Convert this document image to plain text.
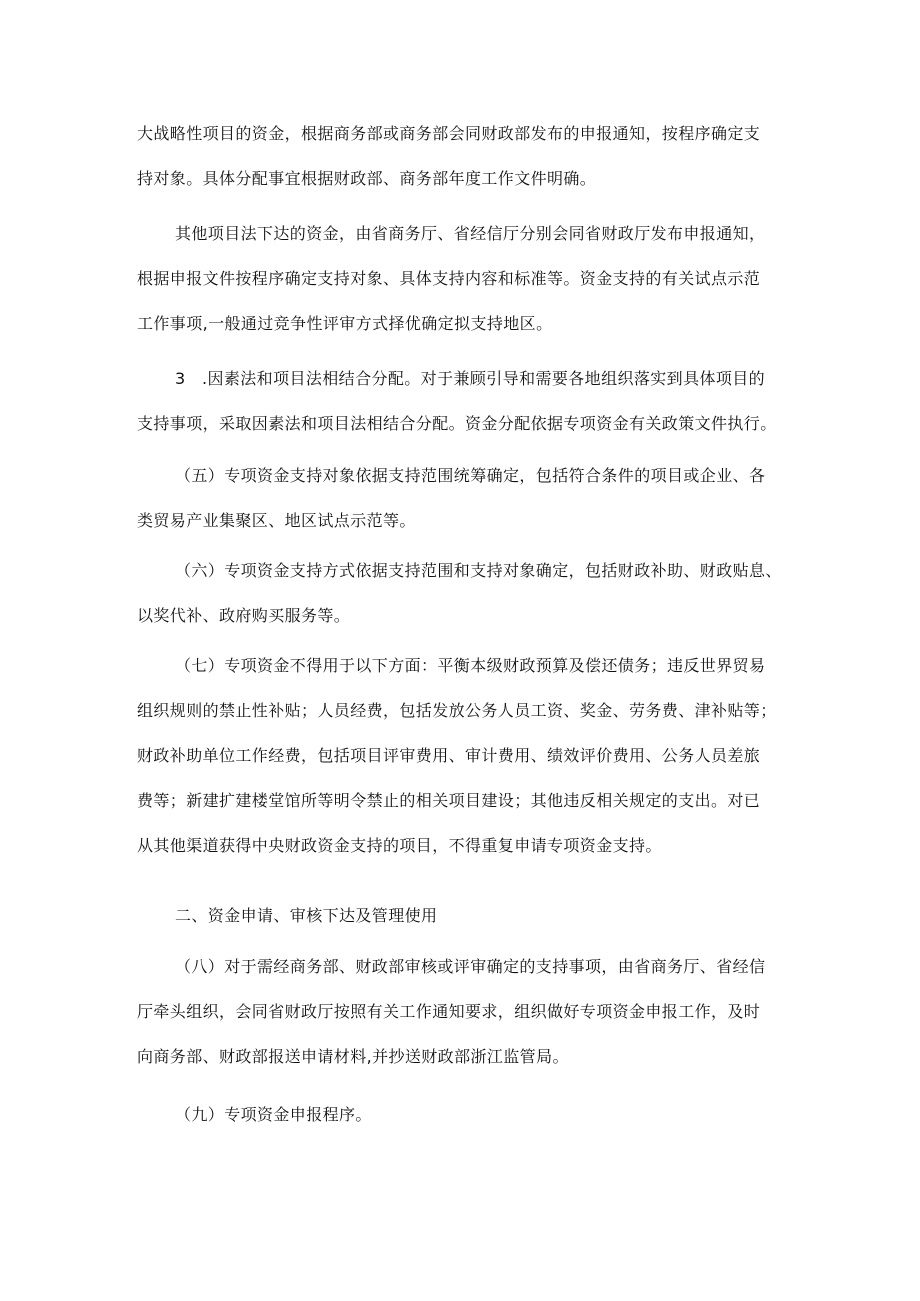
大战略性项目的资金，根据商务部或商务部会同财政部发布的申报通知，按程序确定支
持对象。具体分配事宜根据财政部、商务部年度工作文件明确。
其他项目法下达的资金，由省商务厅、省经信厅分别会同省财政厅发布申报通知，
根据申报文件按程序确定支持对象、具体支持内容和标准等。资金支持的有关试点示范
工作事项,一般通过竞争性评审方式择优确定拟支持地区。
3　.因素法和项目法相结合分配。对于兼顾引导和需要各地组织落实到具体项目的
支持事项，采取因素法和项目法相结合分配。资金分配依据专项资金有关政策文件执行。
（五）专项资金支持对象依据支持范围统筹确定，包括符合条件的项目或企业、各
类贸易产业集聚区、地区试点示范等。
（六）专项资金支持方式依据支持范围和支持对象确定，包括财政补助、财政贴息、
以奖代补、政府购买服务等。
（七）专项资金不得用于以下方面：平衡本级财政预算及偿还债务；违反世界贸易
组织规则的禁止性补贴；人员经费，包括发放公务人员工资、奖金、劳务费、津补贴等；
财政补助单位工作经费，包括项目评审费用、审计费用、绩效评价费用、公务人员差旅
费等；新建扩建楼堂馆所等明令禁止的相关项目建设；其他违反相关规定的支出。对已
从其他渠道获得中央财政资金支持的项目，不得重复申请专项资金支持。
二、资金申请、审核下达及管理使用
（八）对于需经商务部、财政部审核或评审确定的支持事项，由省商务厅、省经信
厅牵头组织，会同省财政厅按照有关工作通知要求，组织做好专项资金申报工作，及时
向商务部、财政部报送申请材料,并抄送财政部浙江监管局。
（九）专项资金申报程序。
